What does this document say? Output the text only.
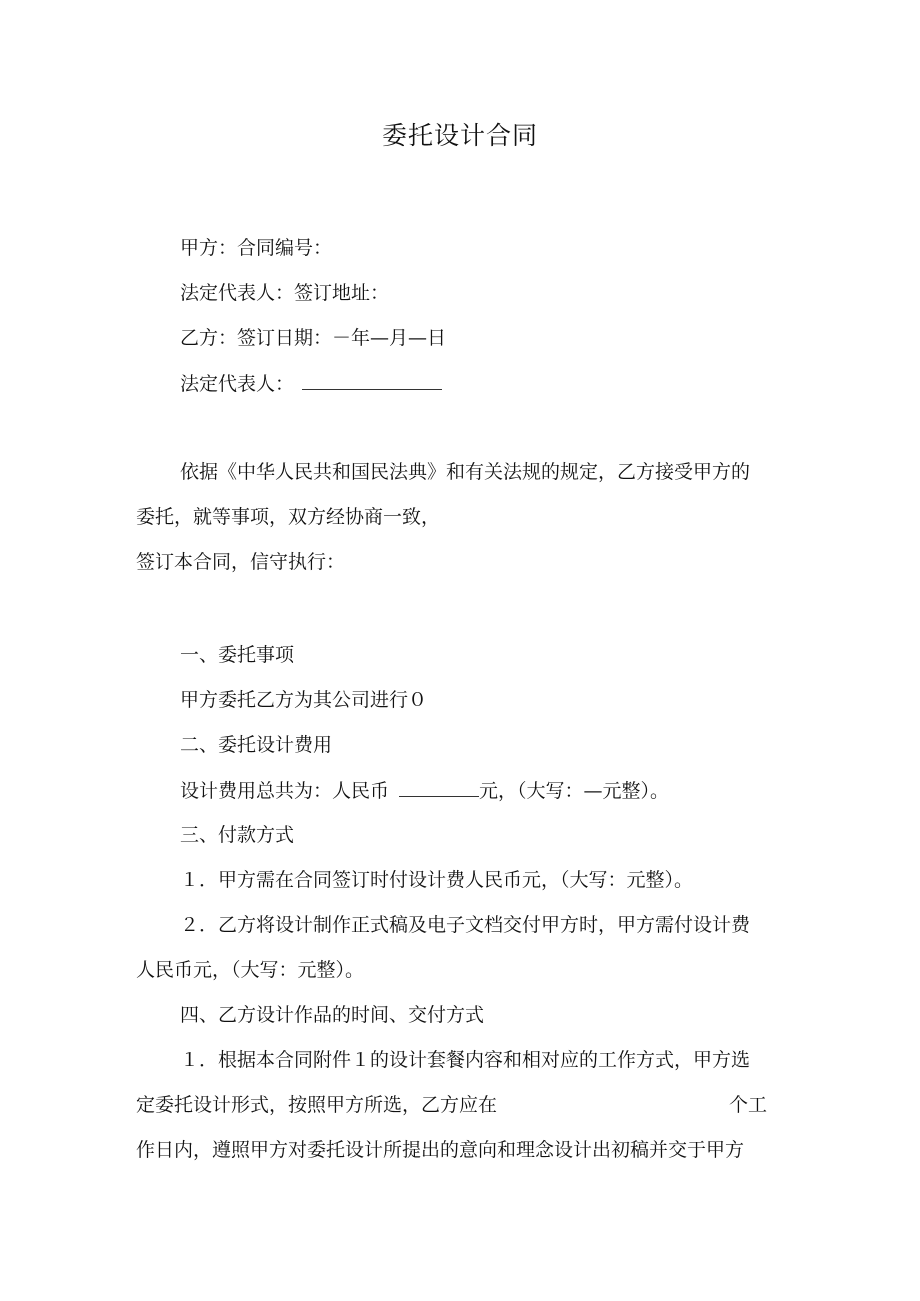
委托设计合同
甲方：合同编号：
法定代表人：签订地址：
乙方：签订日期：－年—月—日
法定代表人：
依据《中华人民共和国民法典》和有关法规的规定，乙方接受甲方的
委托，就等事项，双方经协商一致，
签订本合同，信守执行：
一、委托事项
甲方委托乙方为其公司进行０
二、委托设计费用
设计费用总共为：人民币	元，（大写：—元整）。
三、付款方式
１．甲方需在合同签订时付设计费人民币元，（大写：元整）。
２．乙方将设计制作正式稿及电子文档交付甲方时，甲方需付设计费
人民币元，（大写：元整）。
四、乙方设计作品的时间、交付方式
１．根据本合同附件１的设计套餐内容和相对应的工作方式，甲方选
定委托设计形式，按照甲方所选，乙方应在	个工
作日内，遵照甲方对委托设计所提出的意向和理念设计出初稿并交于甲方
